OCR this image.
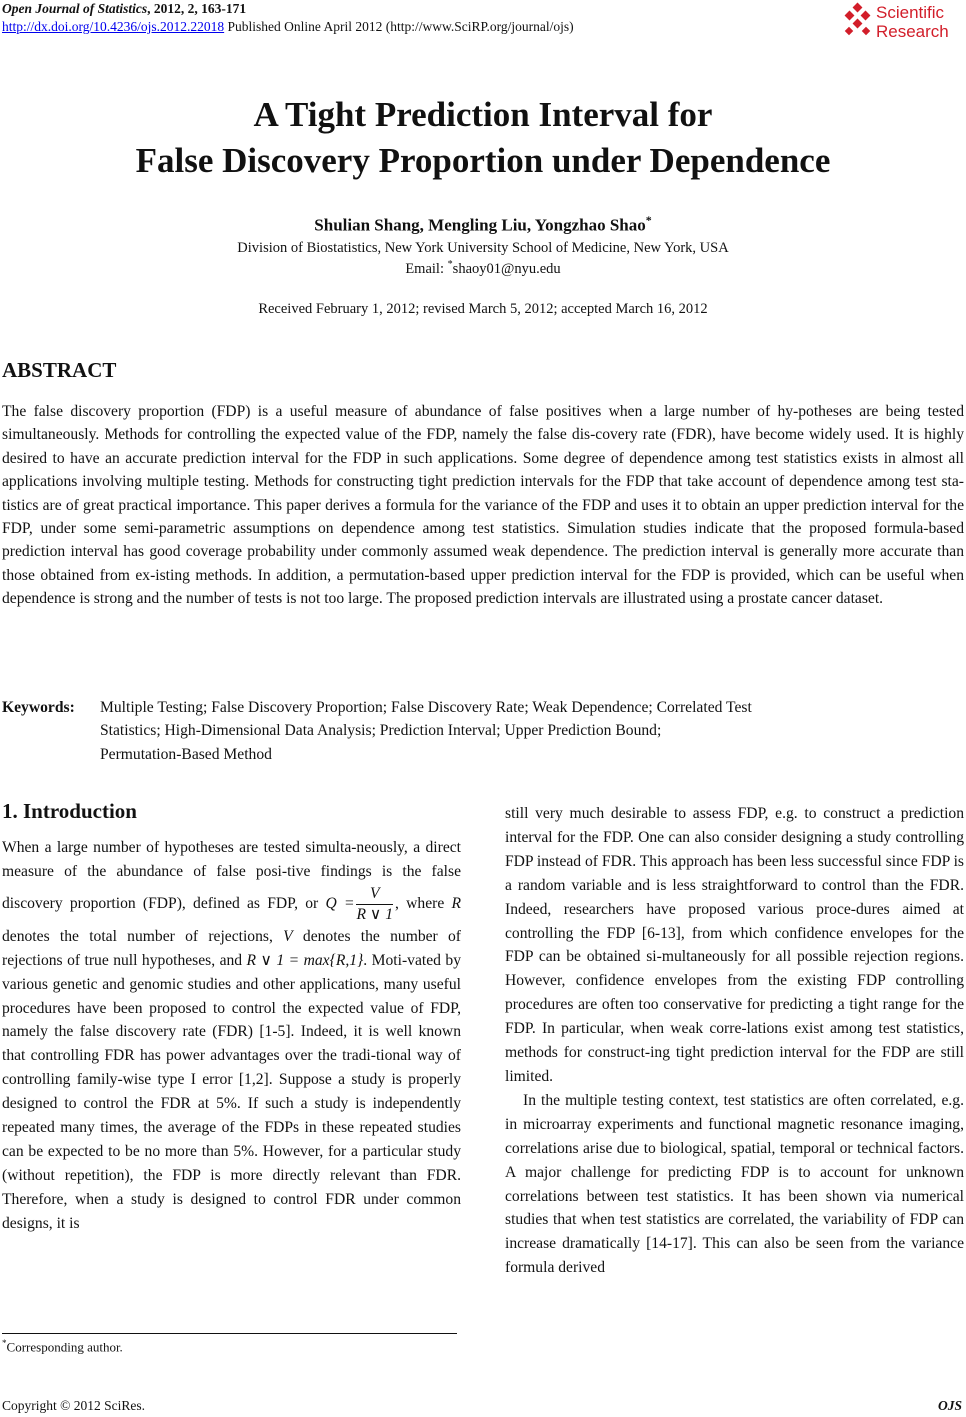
Open Journal of Statistics, 2012, 2, 163-171
http://dx.doi.org/10.4236/ojs.2012.22018 Published Online April 2012 (http://www.SciRP.org/journal/ojs)
Scientific
Research
A Tight Prediction Interval for
False Discovery Proportion under Dependence
Shulian Shang, Mengling Liu, Yongzhao Shao*
Division of Biostatistics, New York University School of Medicine, New York, USA
Email: *shaoy01@nyu.edu
Received February 1, 2012; revised March 5, 2012; accepted March 16, 2012
ABSTRACT
The false discovery proportion (FDP) is a useful measure of abundance of false positives when a large number of hy-potheses are being tested simultaneously. Methods for controlling the expected value of the FDP, namely the false dis-covery rate (FDR), have become widely used. It is highly desired to have an accurate prediction interval for the FDP in such applications. Some degree of dependence among test statistics exists in almost all applications involving multiple testing. Methods for constructing tight prediction intervals for the FDP that take account of dependence among test sta-tistics are of great practical importance. This paper derives a formula for the variance of the FDP and uses it to obtain an upper prediction interval for the FDP, under some semi-parametric assumptions on dependence among test statistics. Simulation studies indicate that the proposed formula-based prediction interval has good coverage probability under commonly assumed weak dependence. The prediction interval is generally more accurate than those obtained from ex-isting methods. In addition, a permutation-based upper prediction interval for the FDP is provided, which can be useful when dependence is strong and the number of tests is not too large. The proposed prediction intervals are illustrated using a prostate cancer dataset.
Keywords:	Multiple Testing; False Discovery Proportion; False Discovery Rate; Weak Dependence; Correlated Test
Statistics; High-Dimensional Data Analysis; Prediction Interval; Upper Prediction Bound;
Permutation-Based Method
1. Introduction
When a large number of hypotheses are tested simulta-neously, a direct measure of the abundance of false posi-tive findings is the false discovery proportion (FDP), defined as FDP, or $Q = \frac{V}{R \vee 1}$ , where R denotes the total number of rejections, V denotes the number of rejections of true null hypotheses, and R ∨ 1 = max{R,1}. Moti-vated by various genetic and genomic studies and other applications, many useful procedures have been proposed to control the expected value of FDP, namely the false discovery rate (FDR) [1-5]. Indeed, it is well known that controlling FDR has power advantages over the tradi-tional way of controlling family-wise type I error [1,2]. Suppose a study is properly designed to control the FDR at 5%. If such a study is independently repeated many times, the average of the FDPs in these repeated studies can be expected to be no more than 5%. However, for a particular study (without repetition), the FDP is more directly relevant than FDR. Therefore, when a study is designed to control FDR under common designs, it is

still very much desirable to assess FDP, e.g. to construct a prediction interval for the FDP. One can also consider designing a study controlling FDP instead of FDR. This approach has been less successful since FDP is a random variable and is less straightforward to control than the FDR. Indeed, researchers have proposed various proce-dures aimed at controlling the FDP [6-13], from which confidence envelopes for the FDP can be obtained si-multaneously for all possible rejection regions. However, confidence envelopes from the existing FDP controlling procedures are often too conservative for predicting a tight range for the FDP. In particular, when weak corre-lations exist among test statistics, methods for construct-ing tight prediction interval for the FDP are still limited.

In the multiple testing context, test statistics are often correlated, e.g. in microarray experiments and functional magnetic resonance imaging, correlations arise due to biological, spatial, temporal or technical factors. A major challenge for predicting FDP is to account for unknown correlations between test statistics. It has been shown via numerical studies that when test statistics are correlated, the variability of FDP can increase dramatically [14-17]. This can also be seen from the variance formula derived

*Corresponding author.
Copyright © 2012 SciRes.	OJS
